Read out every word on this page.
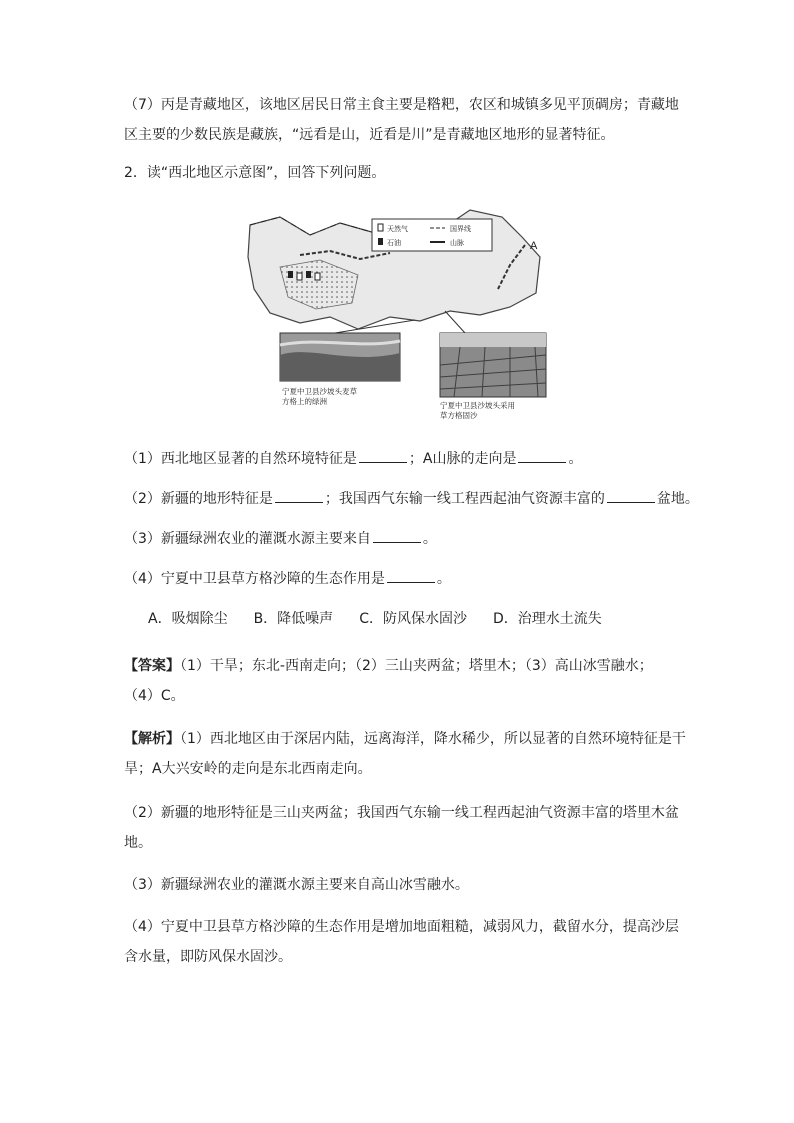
（7）丙是青藏地区，该地区居民日常主食主要是糌粑，农区和城镇多见平顶碉房；青藏地
区主要的少数民族是藏族，“远看是山，近看是川”是青藏地区地形的显著特征。
2．读“西北地区示意图”，回答下列问题。
A
天然气	国界线
石油	山脉
宁夏中卫县沙坡头麦草
方格上的绿洲	宁夏中卫县沙坡头采用
草方格固沙
（1）西北地区显著的自然环境特征是	；A山脉的走向是	。
（2）新疆的地形特征是	；我国西气东输一线工程西起油气资源丰富的	盆地。
（3）新疆绿洲农业的灌溉水源主要来自	。
（4）宁夏中卫县草方格沙障的生态作用是	。
A．吸烟除尘 B．降低噪声 C．防风保水固沙 D．治理水土流失
【答案】（1）干旱；东北-西南走向；（2）三山夹两盆；塔里木；（3）高山冰雪融水；
（4）C。
【解析】（1）西北地区由于深居内陆，远离海洋，降水稀少，所以显著的自然环境特征是干
旱；A大兴安岭的走向是东北西南走向。
（2）新疆的地形特征是三山夹两盆；我国西气东输一线工程西起油气资源丰富的塔里木盆
地。
（3）新疆绿洲农业的灌溉水源主要来自高山冰雪融水。
（4）宁夏中卫县草方格沙障的生态作用是增加地面粗糙，减弱风力，截留水分，提高沙层
含水量，即防风保水固沙。
